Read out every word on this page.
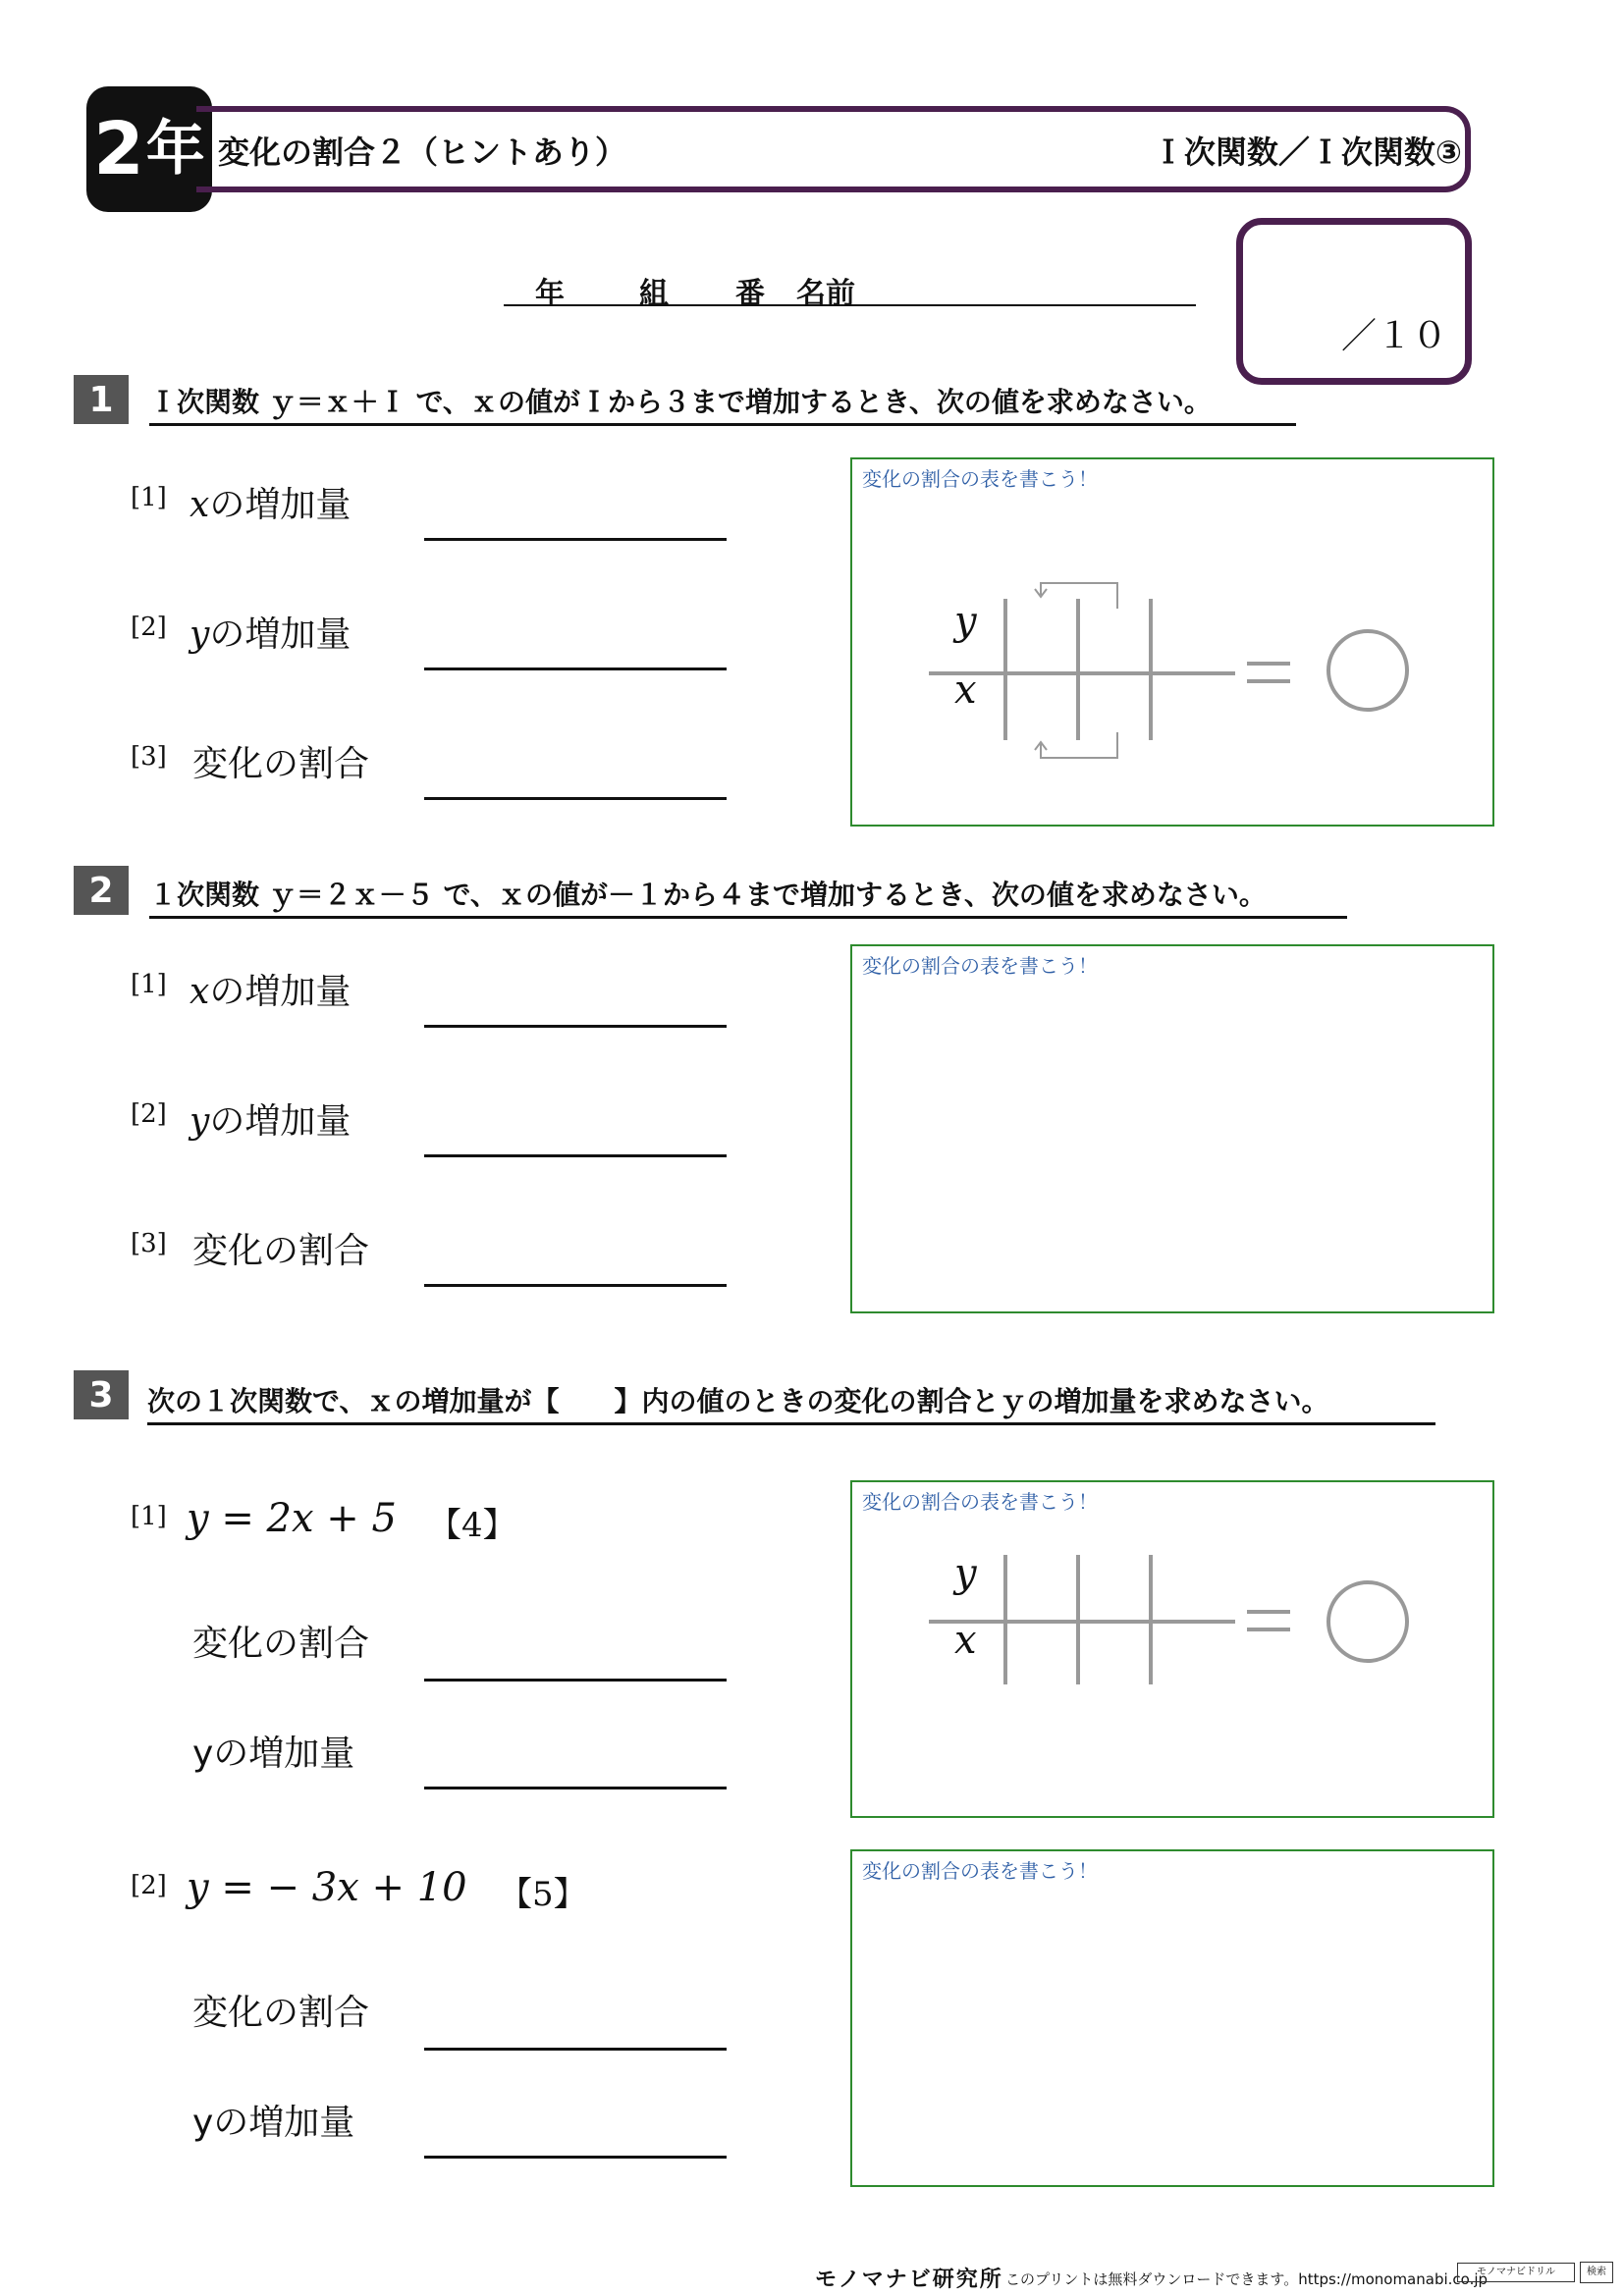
2 年 変化の割合２（ヒントあり）	Ｉ次関数／Ｉ次関数③
年	組 番 名前
／１０
1	Ｉ次関数 ｙ＝ｘ＋Ｉ で、ｘの値がＩから３まで増加するとき、次の値を求めなさい。
[1] xの増加量
[2] yの増加量
[3] 変化の割合
変化の割合の表を書こう！
y
x
2	１次関数 ｙ＝２ｘ－５ で、ｘの値が－１から４まで増加するとき、次の値を求めなさい。
[1] xの増加量
[2] yの増加量
[3] 変化の割合
変化の割合の表を書こう！
3	次の１次関数で、ｘの増加量が【　　】内の値のときの変化の割合とｙの増加量を求めなさい。
[1] y = 2x + 5 【4】
変化の割合
yの増加量
変化の割合の表を書こう！
y
x
[2] y = − 3x + 10 【5】
変化の割合
yの増加量
変化の割合の表を書こう！
モノマナビ研究所 このプリントは無料ダウンロードできます。https://monomanabi.co.jp
モノマナビドリル	検索
